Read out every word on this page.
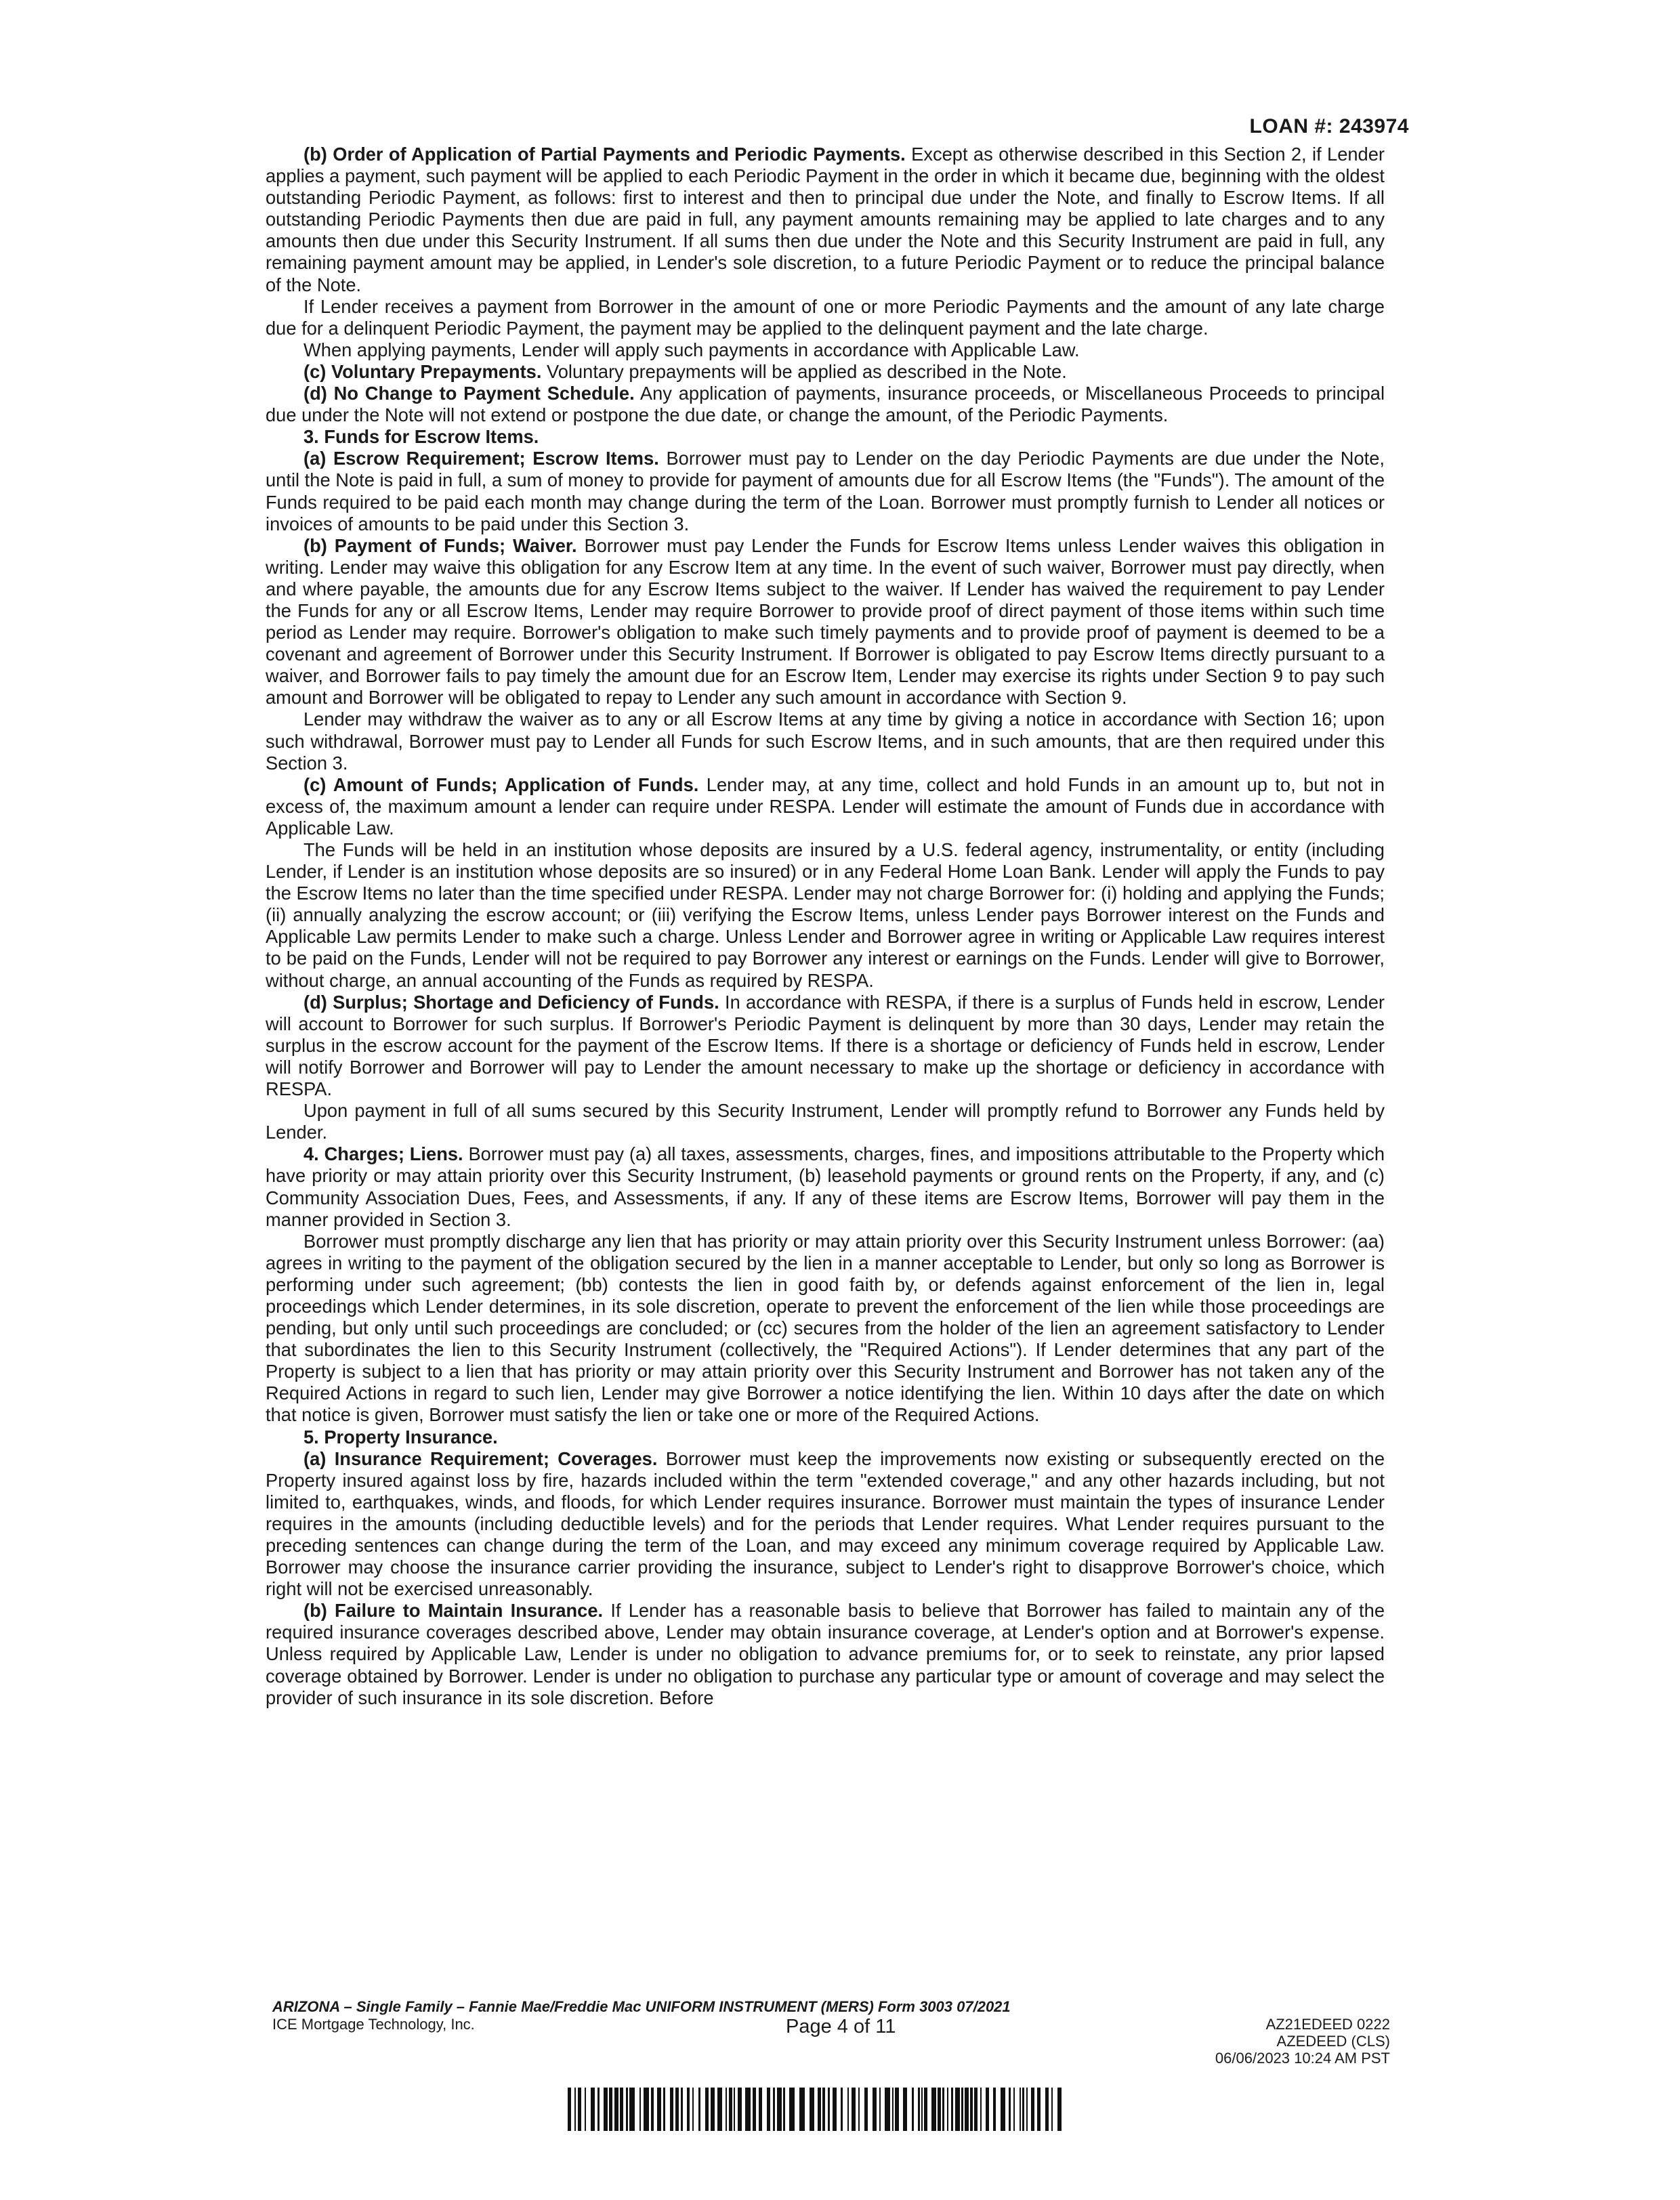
LOAN #: 243974

(b) Order of Application of Partial Payments and Periodic Payments. Except as otherwise described in this Section 2, if Lender applies a payment, such payment will be applied to each Periodic Payment in the order in which it became due, beginning with the oldest outstanding Periodic Payment, as follows: first to interest and then to principal due under the Note, and finally to Escrow Items. If all outstanding Periodic Payments then due are paid in full, any payment amounts remaining may be applied to late charges and to any amounts then due under this Security Instrument. If all sums then due under the Note and this Security Instrument are paid in full, any remaining payment amount may be applied, in Lender's sole discretion, to a future Periodic Payment or to reduce the principal balance of the Note.

If Lender receives a payment from Borrower in the amount of one or more Periodic Payments and the amount of any late charge due for a delinquent Periodic Payment, the payment may be applied to the delinquent payment and the late charge.

When applying payments, Lender will apply such payments in accordance with Applicable Law.

(c) Voluntary Prepayments. Voluntary prepayments will be applied as described in the Note.

(d) No Change to Payment Schedule. Any application of payments, insurance proceeds, or Miscellaneous Proceeds to principal due under the Note will not extend or postpone the due date, or change the amount, of the Periodic Payments.

3. Funds for Escrow Items.

(a) Escrow Requirement; Escrow Items. Borrower must pay to Lender on the day Periodic Payments are due under the Note, until the Note is paid in full, a sum of money to provide for payment of amounts due for all Escrow Items (the "Funds"). The amount of the Funds required to be paid each month may change during the term of the Loan. Borrower must promptly furnish to Lender all notices or invoices of amounts to be paid under this Section 3.

(b) Payment of Funds; Waiver. Borrower must pay Lender the Funds for Escrow Items unless Lender waives this obligation in writing. Lender may waive this obligation for any Escrow Item at any time. In the event of such waiver, Borrower must pay directly, when and where payable, the amounts due for any Escrow Items subject to the waiver. If Lender has waived the requirement to pay Lender the Funds for any or all Escrow Items, Lender may require Borrower to provide proof of direct payment of those items within such time period as Lender may require. Borrower's obligation to make such timely payments and to provide proof of payment is deemed to be a covenant and agreement of Borrower under this Security Instrument. If Borrower is obligated to pay Escrow Items directly pursuant to a waiver, and Borrower fails to pay timely the amount due for an Escrow Item, Lender may exercise its rights under Section 9 to pay such amount and Borrower will be obligated to repay to Lender any such amount in accordance with Section 9.

Lender may withdraw the waiver as to any or all Escrow Items at any time by giving a notice in accordance with Section 16; upon such withdrawal, Borrower must pay to Lender all Funds for such Escrow Items, and in such amounts, that are then required under this Section 3.

(c) Amount of Funds; Application of Funds. Lender may, at any time, collect and hold Funds in an amount up to, but not in excess of, the maximum amount a lender can require under RESPA. Lender will estimate the amount of Funds due in accordance with Applicable Law.

The Funds will be held in an institution whose deposits are insured by a U.S. federal agency, instrumentality, or entity (including Lender, if Lender is an institution whose deposits are so insured) or in any Federal Home Loan Bank. Lender will apply the Funds to pay the Escrow Items no later than the time specified under RESPA. Lender may not charge Borrower for: (i) holding and applying the Funds; (ii) annually analyzing the escrow account; or (iii) verifying the Escrow Items, unless Lender pays Borrower interest on the Funds and Applicable Law permits Lender to make such a charge. Unless Lender and Borrower agree in writing or Applicable Law requires interest to be paid on the Funds, Lender will not be required to pay Borrower any interest or earnings on the Funds. Lender will give to Borrower, without charge, an annual accounting of the Funds as required by RESPA.

(d) Surplus; Shortage and Deficiency of Funds. In accordance with RESPA, if there is a surplus of Funds held in escrow, Lender will account to Borrower for such surplus. If Borrower's Periodic Payment is delinquent by more than 30 days, Lender may retain the surplus in the escrow account for the payment of the Escrow Items. If there is a shortage or deficiency of Funds held in escrow, Lender will notify Borrower and Borrower will pay to Lender the amount necessary to make up the shortage or deficiency in accordance with RESPA.

Upon payment in full of all sums secured by this Security Instrument, Lender will promptly refund to Borrower any Funds held by Lender.

4. Charges; Liens. Borrower must pay (a) all taxes, assessments, charges, fines, and impositions attributable to the Property which have priority or may attain priority over this Security Instrument, (b) leasehold payments or ground rents on the Property, if any, and (c) Community Association Dues, Fees, and Assessments, if any. If any of these items are Escrow Items, Borrower will pay them in the manner provided in Section 3.

Borrower must promptly discharge any lien that has priority or may attain priority over this Security Instrument unless Borrower: (aa) agrees in writing to the payment of the obligation secured by the lien in a manner acceptable to Lender, but only so long as Borrower is performing under such agreement; (bb) contests the lien in good faith by, or defends against enforcement of the lien in, legal proceedings which Lender determines, in its sole discretion, operate to prevent the enforcement of the lien while those proceedings are pending, but only until such proceedings are concluded; or (cc) secures from the holder of the lien an agreement satisfactory to Lender that subordinates the lien to this Security Instrument (collectively, the "Required Actions"). If Lender determines that any part of the Property is subject to a lien that has priority or may attain priority over this Security Instrument and Borrower has not taken any of the Required Actions in regard to such lien, Lender may give Borrower a notice identifying the lien. Within 10 days after the date on which that notice is given, Borrower must satisfy the lien or take one or more of the Required Actions.

5. Property Insurance.

(a) Insurance Requirement; Coverages. Borrower must keep the improvements now existing or subsequently erected on the Property insured against loss by fire, hazards included within the term "extended coverage," and any other hazards including, but not limited to, earthquakes, winds, and floods, for which Lender requires insurance. Borrower must maintain the types of insurance Lender requires in the amounts (including deductible levels) and for the periods that Lender requires. What Lender requires pursuant to the preceding sentences can change during the term of the Loan, and may exceed any minimum coverage required by Applicable Law. Borrower may choose the insurance carrier providing the insurance, subject to Lender's right to disapprove Borrower's choice, which right will not be exercised unreasonably.

(b) Failure to Maintain Insurance. If Lender has a reasonable basis to believe that Borrower has failed to maintain any of the required insurance coverages described above, Lender may obtain insurance coverage, at Lender's option and at Borrower's expense. Unless required by Applicable Law, Lender is under no obligation to advance premiums for, or to seek to reinstate, any prior lapsed coverage obtained by Borrower. Lender is under no obligation to purchase any particular type or amount of coverage and may select the provider of such insurance in its sole discretion. Before

ARIZONA – Single Family – Fannie Mae/Freddie Mac UNIFORM INSTRUMENT (MERS) Form 3003 07/2021
ICE Mortgage Technology, Inc.	Page 4 of 11	AZ21EDEED 0222
AZEDEED (CLS)
06/06/2023 10:24 AM PST
